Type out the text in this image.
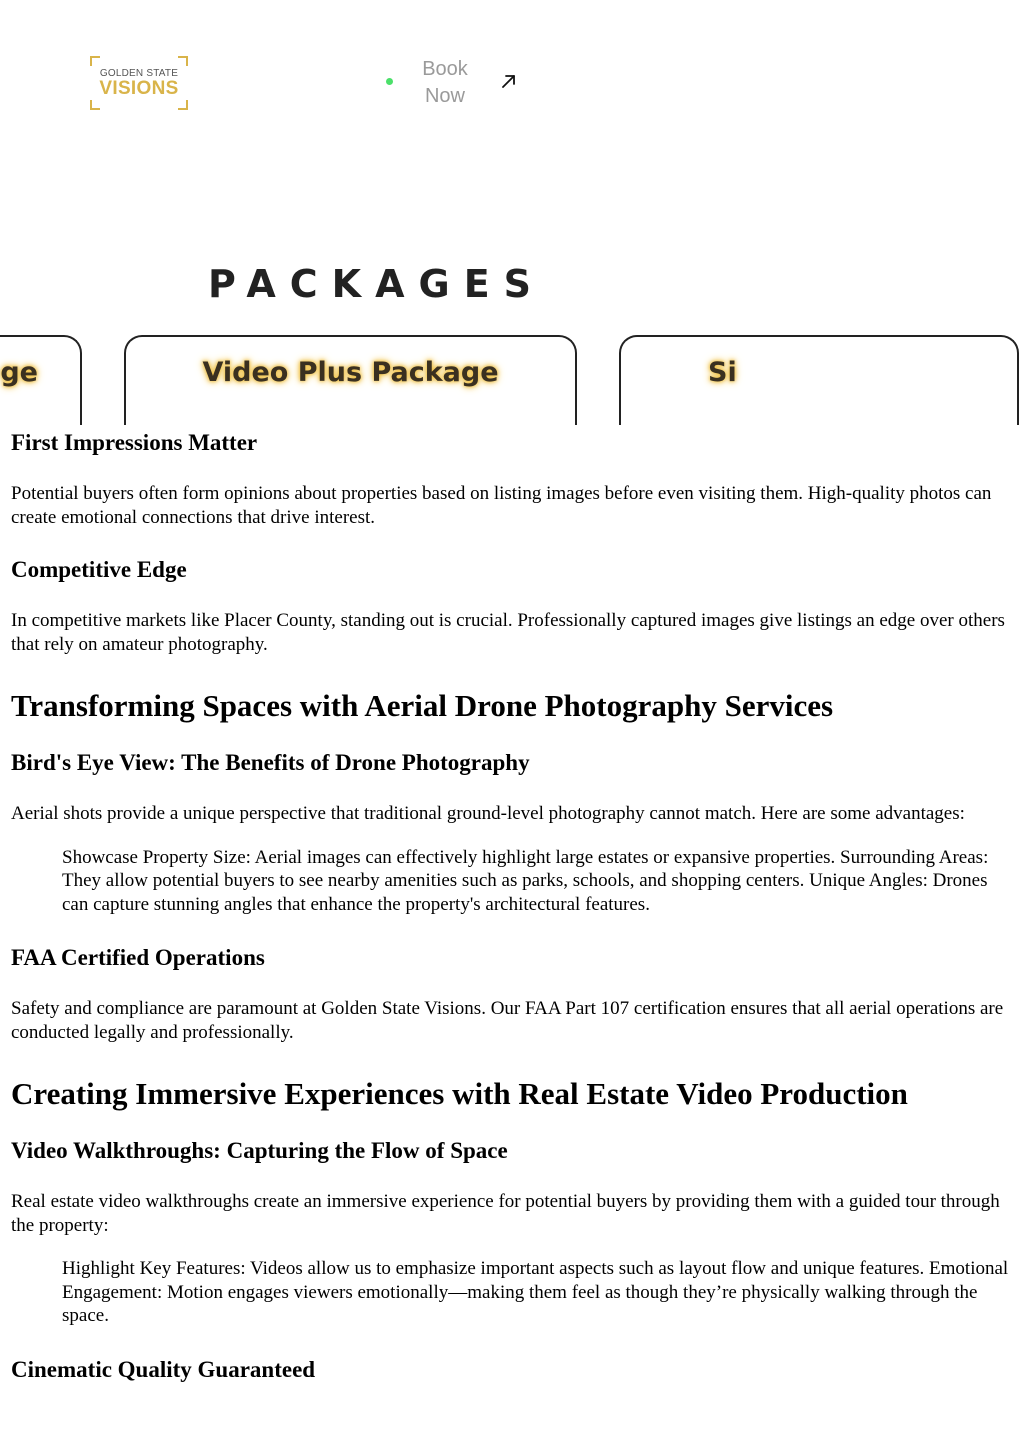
GOLDEN STATE
VISIONS
Book
Now
PACKAGES
ge	Video Plus Package	Si
First Impressions Matter

Potential buyers often form opinions about properties based on listing images before even visiting them. High-quality photos can create emotional connections that drive interest.

Competitive Edge

In competitive markets like Placer County, standing out is crucial. Professionally captured images give listings an edge over others that rely on amateur photography.

Transforming Spaces with Aerial Drone Photography Services
Bird's Eye View: The Benefits of Drone Photography

Aerial shots provide a unique perspective that traditional ground-level photography cannot match. Here are some advantages:

Showcase Property Size: Aerial images can effectively highlight large estates or expansive properties. Surrounding Areas: They allow potential buyers to see nearby amenities such as parks, schools, and shopping centers. Unique Angles: Drones can capture stunning angles that enhance the property's architectural features.
FAA Certified Operations

Safety and compliance are paramount at Golden State Visions. Our FAA Part 107 certification ensures that all aerial operations are conducted legally and professionally.

Creating Immersive Experiences with Real Estate Video Production
Video Walkthroughs: Capturing the Flow of Space

Real estate video walkthroughs create an immersive experience for potential buyers by providing them with a guided tour through the property:

Highlight Key Features: Videos allow us to emphasize important aspects such as layout flow and unique features. Emotional Engagement: Motion engages viewers emotionally—making them feel as though they’re physically walking through the space.
Cinematic Quality Guaranteed
